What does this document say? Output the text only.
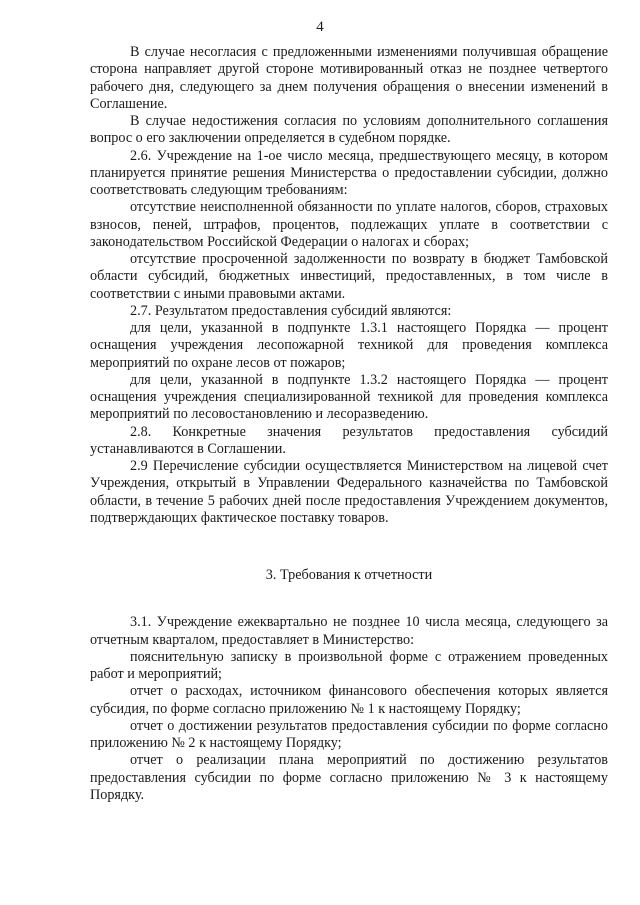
4

В случае несогласия с предложенными изменениями получившая обращение сторона направляет другой стороне мотивированный отказ не позднее четвертого рабочего дня, следующего за днем получения обращения о внесении изменений в Соглашение.

В случае недостижения согласия по условиям дополнительного соглашения вопрос о его заключении определяется в судебном порядке.

2.6. Учреждение на 1-ое число месяца, предшествующего месяцу, в котором планируется принятие решения Министерства о предоставлении субсидии, должно соответствовать следующим требованиям:

отсутствие неисполненной обязанности по уплате налогов, сборов, страховых взносов, пеней, штрафов, процентов, подлежащих уплате в соответствии с законодательством Российской Федерации о налогах и сборах;

отсутствие просроченной задолженности по возврату в бюджет Тамбовской области субсидий, бюджетных инвестиций, предоставленных, в том числе в соответствии с иными правовыми актами.

2.7. Результатом предоставления субсидий являются:

для цели, указанной в подпункте 1.3.1 настоящего Порядка — процент оснащения учреждения лесопожарной техникой для проведения комплекса мероприятий по охране лесов от пожаров;

для цели, указанной в подпункте 1.3.2 настоящего Порядка — процент оснащения учреждения специализированной техникой для проведения комплекса мероприятий по лесовостановлению и лесоразведению.

2.8. Конкретные значения результатов предоставления субсидий устанавливаются в Соглашении.

2.9 Перечисление субсидии осуществляется Министерством на лицевой счет Учреждения, открытый в Управлении Федерального казначейства по Тамбовской области, в течение 5 рабочих дней после предоставления Учреждением документов, подтверждающих фактическое поставку товаров.

3. Требования к отчетности

3.1. Учреждение ежеквартально не позднее 10 числа месяца, следующего за отчетным кварталом, предоставляет в Министерство:

пояснительную записку в произвольной форме с отражением проведенных работ и мероприятий;

отчет о расходах, источником финансового обеспечения которых является субсидия, по форме согласно приложению № 1 к настоящему Порядку;

отчет о достижении результатов предоставления субсидии по форме согласно приложению № 2 к настоящему Порядку;

отчет о реализации плана мероприятий по достижению результатов предоставления субсидии по форме согласно приложению № 3 к настоящему Порядку.
